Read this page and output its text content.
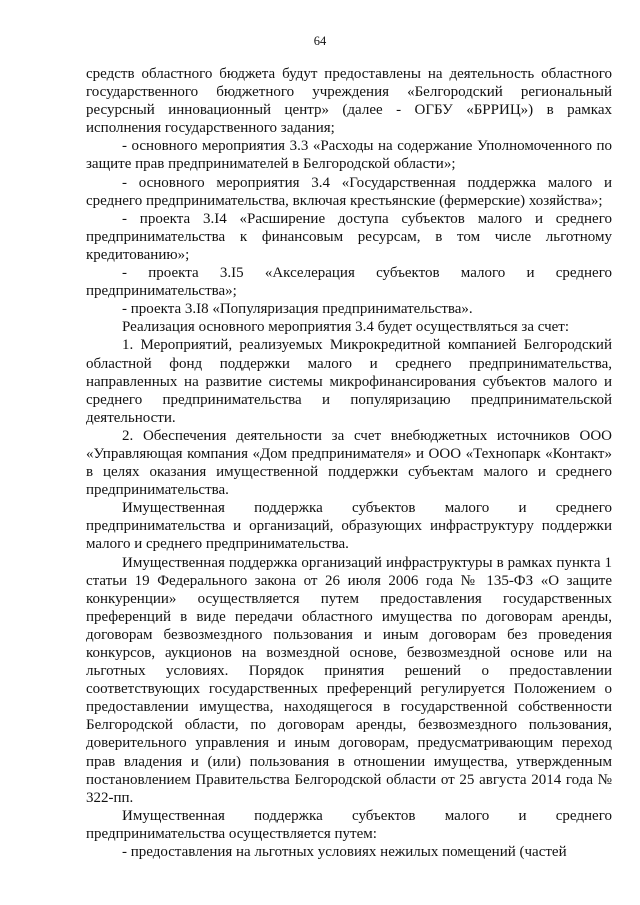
64

средств областного бюджета будут предоставлены на деятельность областного государственного бюджетного учреждения «Белгородский региональный ресурсный инновационный центр» (далее - ОГБУ «БРРИЦ») в рамках исполнения государственного задания;

- основного мероприятия 3.3 «Расходы на содержание Уполномоченного по защите прав предпринимателей в Белгородской области»;

- основного мероприятия 3.4 «Государственная поддержка малого и среднего предпринимательства, включая крестьянские (фермерские) хозяйства»;

- проекта 3.I4 «Расширение доступа субъектов малого и среднего предпринимательства к финансовым ресурсам, в том числе льготному кредитованию»;

- проекта 3.I5 «Акселерация субъектов малого и среднего предпринимательства»;

- проекта 3.I8 «Популяризация предпринимательства».

Реализация основного мероприятия 3.4 будет осуществляться за счет:

1. Мероприятий, реализуемых Микрокредитной компанией Белгородский областной фонд поддержки малого и среднего предпринимательства, направленных на развитие системы микрофинансирования субъектов малого и среднего предпринимательства и популяризацию предпринимательской деятельности.

2. Обеспечения деятельности за счет внебюджетных источников ООО «Управляющая компания «Дом предпринимателя» и ООО «Технопарк «Контакт» в целях оказания имущественной поддержки субъектам малого и среднего предпринимательства.

Имущественная поддержка субъектов малого и среднего предпринимательства и организаций, образующих инфраструктуру поддержки малого и среднего предпринимательства.

Имущественная поддержка организаций инфраструктуры в рамках пункта 1 статьи 19 Федерального закона от 26 июля 2006 года № 135-ФЗ «О защите конкуренции» осуществляется путем предоставления государственных преференций в виде передачи областного имущества по договорам аренды, договорам безвозмездного пользования и иным договорам без проведения конкурсов, аукционов на возмездной основе, безвозмездной основе или на льготных условиях. Порядок принятия решений о предоставлении соответствующих государственных преференций регулируется Положением о предоставлении имущества, находящегося в государственной собственности Белгородской области, по договорам аренды, безвозмездного пользования, доверительного управления и иным договорам, предусматривающим переход прав владения и (или) пользования в отношении имущества, утвержденным постановлением Правительства Белгородской области от 25 августа 2014 года № 322-пп.

Имущественная поддержка субъектов малого и среднего предпринимательства осуществляется путем:

- предоставления на льготных условиях нежилых помещений (частей
